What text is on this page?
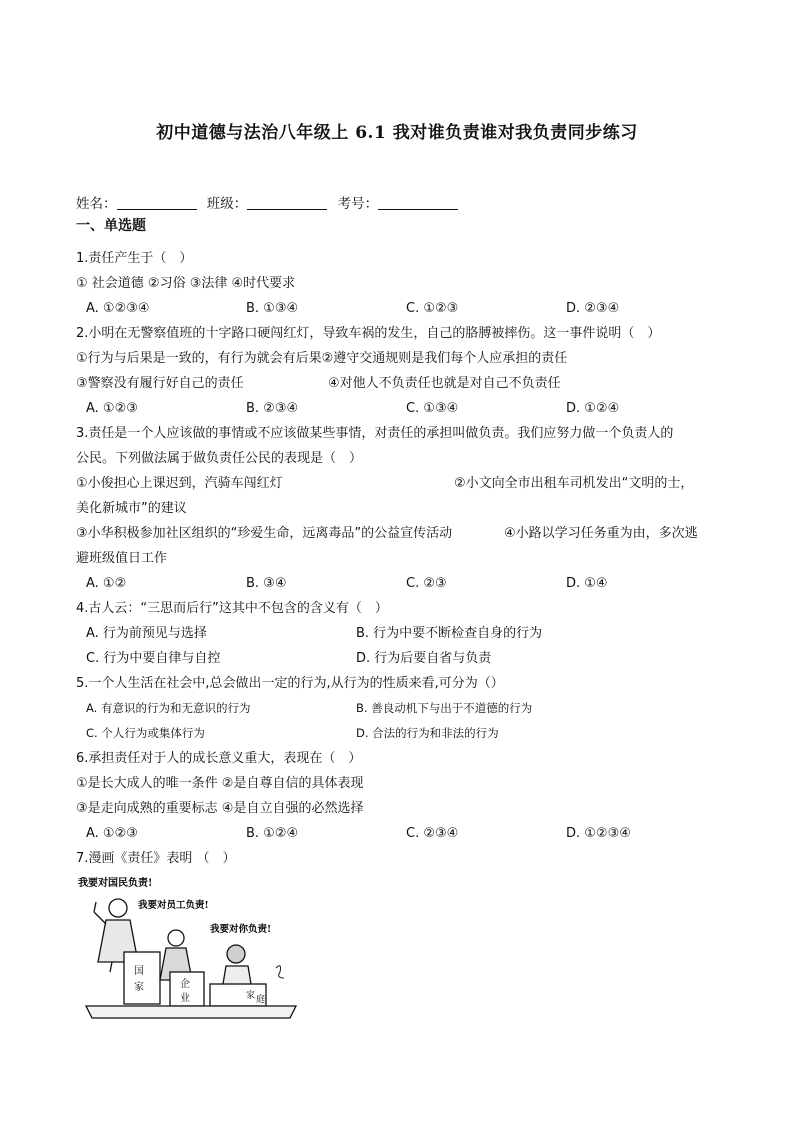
初中道德与法治八年级上 6.1 我对谁负责谁对我负责同步练习
姓名：	班级：	考号：
一、单选题
1.责任产生于（　）
① 社会道德 ②习俗 ③法律 ④时代要求
A. ①②③④	B. ①③④	C. ①②③	D. ②③④
2.小明在无警察值班的十字路口硬闯红灯，导致车祸的发生，自己的胳膊被摔伤。这一事件说明（　）
①行为与后果是一致的，有行为就会有后果②遵守交通规则是我们每个人应承担的责任
③警察没有履行好自己的责任	④对他人不负责任也就是对自己不负责任
A. ①②③	B. ②③④	C. ①③④	D. ①②④
3.责任是一个人应该做的事情或不应该做某些事情，对责任的承担叫做负责。我们应努力做一个负责人的
公民。下列做法属于做负责任公民的表现是（　）
①小俊担心上课迟到，汽骑车闯红灯	②小文向全市出租车司机发出“文明的士，
美化新城市”的建议
③小华积极参加社区组织的“珍爱生命，远离毒品”的公益宣传活动	④小路以学习任务重为由，多次逃
避班级值日工作
A. ①②	B. ③④	C. ②③	D. ①④
4.古人云：“三思而后行”这其中不包含的含义有（　）
A. 行为前预见与选择	B. 行为中要不断检查自身的行为
C. 行为中要自律与自控	D. 行为后要自省与负责
5.一个人生活在社会中,总会做出一定的行为,从行为的性质来看,可分为（）
A. 有意识的行为和无意识的行为	B. 善良动机下与出于不道德的行为
C. 个人行为或集体行为	D. 合法的行为和非法的行为
6.承担责任对于人的成长意义重大，表现在（　）
①是长大成人的唯一条件 ②是自尊自信的具体表现
③是走向成熟的重要标志 ④是自立自强的必然选择
A. ①②③	B. ①②④	C. ②③④	D. ①②③④
7.漫画《责任》表明 （　）
我要对国民负责!
我要对员工负责!
我要对你负责!
国
家	企
业	家 庭
